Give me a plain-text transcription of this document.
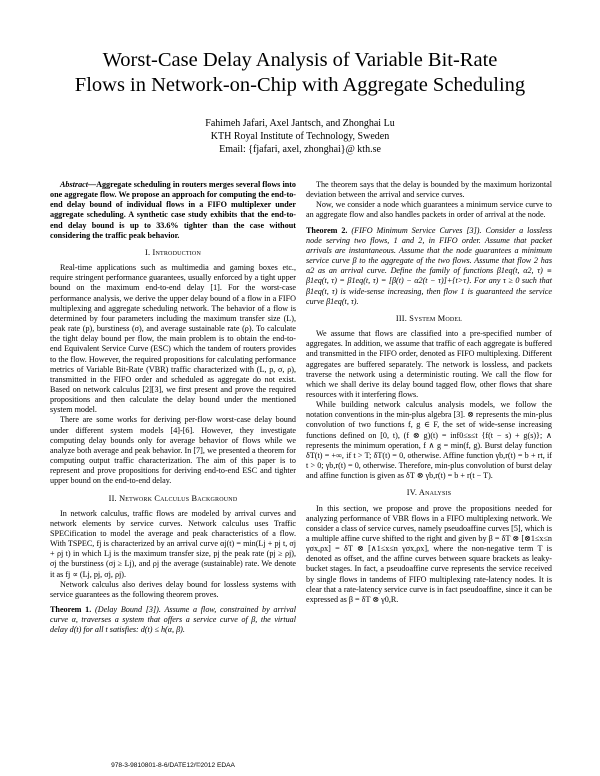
Worst-Case Delay Analysis of Variable Bit-Rate
Flows in Network-on-Chip with Aggregate Scheduling
Fahimeh Jafari, Axel Jantsch, and Zhonghai Lu
KTH Royal Institute of Technology, Sweden
Email: {fjafari, axel, zhonghai}@ kth.se

Abstract—Aggregate scheduling in routers merges several flows into one aggregate flow. We propose an approach for computing the end-to-end delay bound of individual flows in a FIFO multiplexer under aggregate scheduling. A synthetic case study exhibits that the end-to-end delay bound is up to 33.6% tighter than the case without considering the traffic peak behavior.

I. Introduction

Real-time applications such as multimedia and gaming boxes etc., require stringent performance guarantees, usually enforced by a tight upper bound on the maximum end-to-end delay [1]. For the worst-case performance analysis, we derive the upper delay bound of a flow in a FIFO multiplexing and aggregate scheduling network. The behavior of a flow is determined by four parameters including the maximum transfer size (L), peak rate (p), burstiness (σ), and average sustainable rate (ρ). To calculate the tight delay bound per flow, the main problem is to obtain the end-to-end Equivalent Service Curve (ESC) which the tandem of routers provides to the flow. However, the required propositions for calculating performance metrics of Variable Bit-Rate (VBR) traffic characterized with (L, p, σ, ρ), transmitted in the FIFO order and scheduled as aggregate do not exist. Based on network calculus [2][3], we first present and prove the required propositions and then calculate the delay bound under the mentioned system model.

There are some works for deriving per-flow worst-case delay bound under different system models [4]-[6]. However, they investigate computing delay bounds only for average behavior of flows while we analyze both average and peak behavior. In [7], we presented a theorem for computing output traffic characterization. The aim of this paper is to represent and prove propositions for deriving end-to-end ESC and tighter upper bound on the end-to-end delay.

II. Network Calculus Background

In network calculus, traffic flows are modeled by arrival curves and network elements by service curves. Network calculus uses Traffic SPECification to model the average and peak characteristics of a flow. With TSPEC, fj is characterized by an arrival curve αj(t) = min(Lj + pj t, σj + ρj t) in which Lj is the maximum transfer size, pj the peak rate (pj ≥ ρj), σj the burstiness (σj ≥ Lj), and ρj the average (sustainable) rate. We denote it as fj ∝ (Lj, pj, σj, ρj).

Network calculus also derives delay bound for lossless systems with service guarantees as the following theorem proves.

Theorem 1. (Delay Bound [3]). Assume a flow, constrained by arrival curve α, traverses a system that offers a service curve of β, the virtual delay d(t) for all t satisfies: d(t) ≤ h(α, β).

The theorem says that the delay is bounded by the maximum horizontal deviation between the arrival and service curves.

Now, we consider a node which guarantees a minimum service curve to an aggregate flow and also handles packets in order of arrival at the node.

Theorem 2. (FIFO Minimum Service Curves [3]). Consider a lossless node serving two flows, 1 and 2, in FIFO order. Assume that packet arrivals are instantaneous. Assume that the node guarantees a minimum service curve β to the aggregate of the two flows. Assume that flow 2 has α2 as an arrival curve. Define the family of functions β1eq(t, α2, τ) ≡ β1eq(t, τ) = β1eq(t, τ) = [β(t) − α2(t − τ)]+{t>τ}. For any τ ≥ 0 such that β1eq(t, τ) is wide-sense increasing, then flow 1 is guaranteed the service curve β1eq(t, τ).

III. System Model

We assume that flows are classified into a pre-specified number of aggregates. In addition, we assume that traffic of each aggregate is buffered and transmitted in the FIFO order, denoted as FIFO multiplexing. Different aggregates are buffered separately. The network is lossless, and packets traverse the network using a deterministic routing. We call the flow for which we shall derive its delay bound tagged flow, other flows that share resources with it interfering flows.

While building network calculus analysis models, we follow the notation conventions in the min-plus algebra [3]. ⊗ represents the min-plus convolution of two functions f, g ∈ F, the set of wide-sense increasing functions defined on [0, t), (f ⊗ g)(t) = inf0≤s≤t {f(t − s) + g(s)}; ∧ represents the minimum operation, f ∧ g = min(f, g). Burst delay function δT(t) = +∞, if t > T; δT(t) = 0, otherwise. Affine function γb,r(t) = b + rt, if t > 0; γb,r(t) = 0, otherwise. Therefore, min-plus convolution of burst delay and affine function is given as δT ⊗ γb,r(t) = b + r(t − T).

IV. Analysis

In this section, we propose and prove the propositions needed for analyzing performance of VBR flows in a FIFO multiplexing network. We consider a class of service curves, namely pseudoaffine curves [5], which is a multiple affine curve shifted to the right and given by β = δT ⊗ [⊗1≤x≤n γσx,ρx] = δT ⊗ [∧1≤x≤n γσx,ρx], where the non-negative term T is denoted as offset, and the affine curves between square brackets as leaky-bucket stages. In fact, a pseudoaffine curve represents the service received by single flows in tandems of FIFO multiplexing rate-latency nodes. It is clear that a rate-latency service curve is in fact pseudoaffine, since it can be expressed as β = δT ⊗ γ0,R.

978-3-9810801-8-6/DATE12/©2012 EDAA
